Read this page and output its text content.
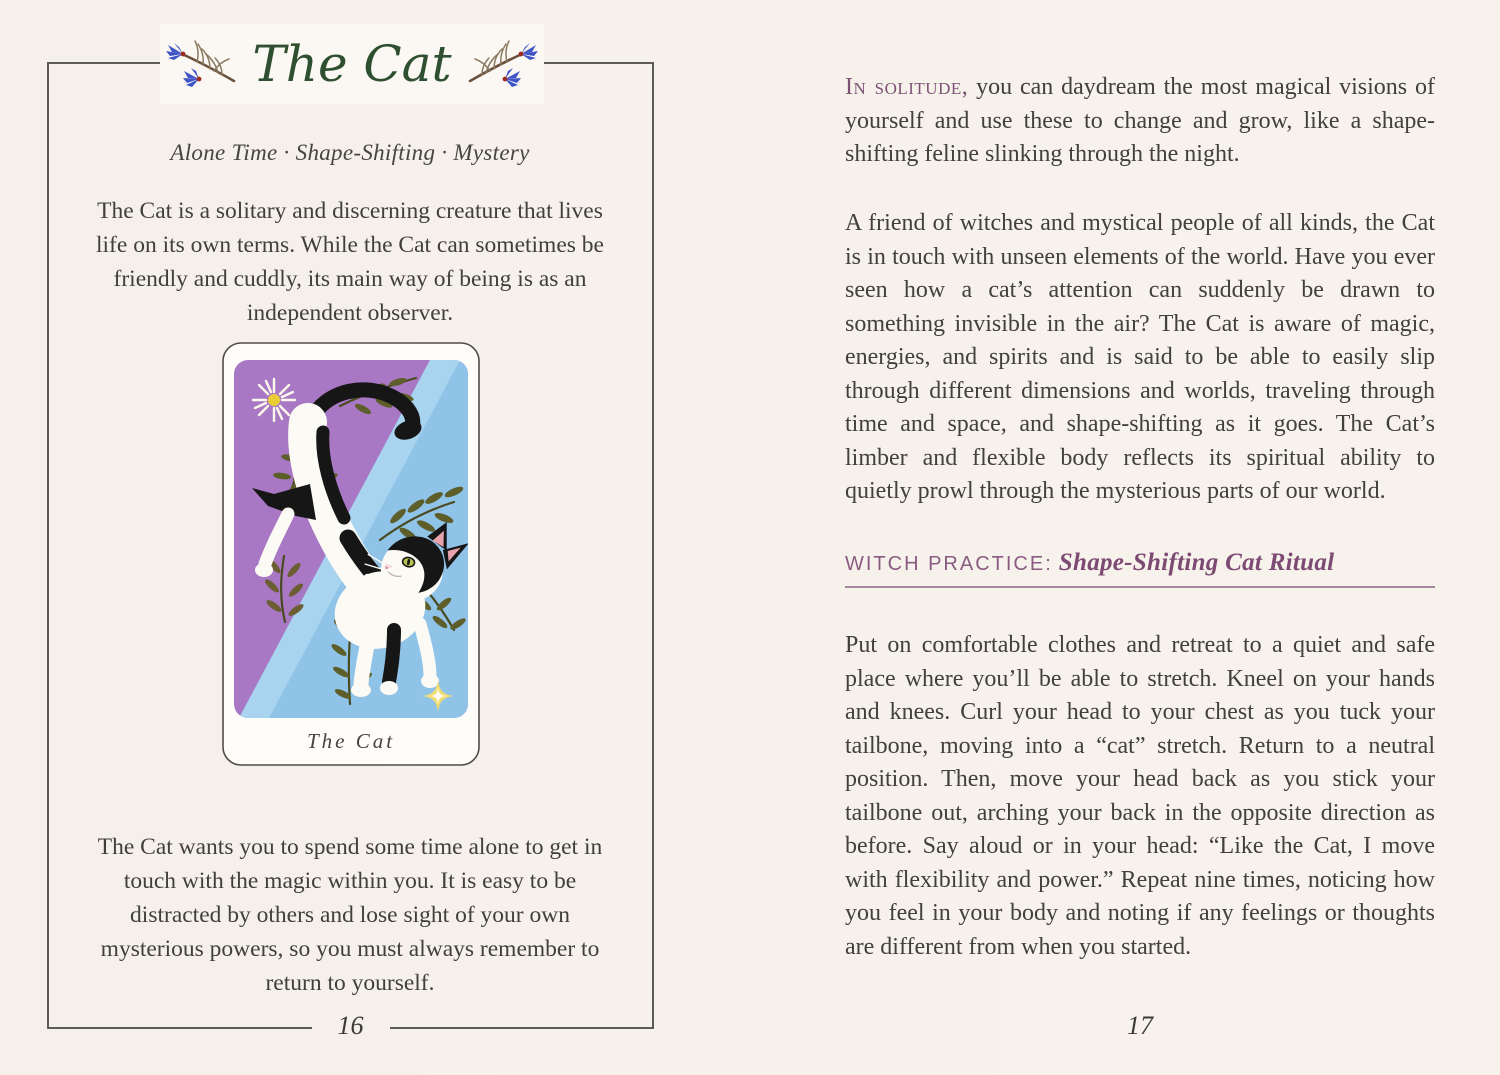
The Cat

Alone Time · Shape-Shifting · Mystery

The Cat is a solitary and discerning creature that lives life on its own terms. While the Cat can sometimes be friendly and cuddly, its main way of being is as an independent observer.

The Cat

The Cat wants you to spend some time alone to get in touch with the magic within you. It is easy to be distracted by others and lose sight of your own mysterious powers, so you must always remember to return to yourself.

16

In solitude, you can daydream the most magical visions of yourself and use these to change and grow, like a shape-shifting feline slinking through the night.

A friend of witches and mystical people of all kinds, the Cat is in touch with unseen elements of the world. Have you ever seen how a cat’s attention can suddenly be drawn to something invisible in the air? The Cat is aware of magic, energies, and spirits and is said to be able to easily slip through different dimensions and worlds, traveling through time and space, and shape-shifting as it goes. The Cat’s limber and flexible body reflects its spiritual ability to quietly prowl through the mysterious parts of our world.

WITCH PRACTICE: Shape-Shifting Cat Ritual

Put on comfortable clothes and retreat to a quiet and safe place where you’ll be able to stretch. Kneel on your hands and knees. Curl your head to your chest as you tuck your tailbone, moving into a “cat” stretch. Return to a neutral position. Then, move your head back as you stick your tailbone out, arching your back in the opposite direction as before. Say aloud or in your head: “Like the Cat, I move with flexibility and power.” Repeat nine times, noticing how you feel in your body and noting if any feelings or thoughts are different from when you started.

17
